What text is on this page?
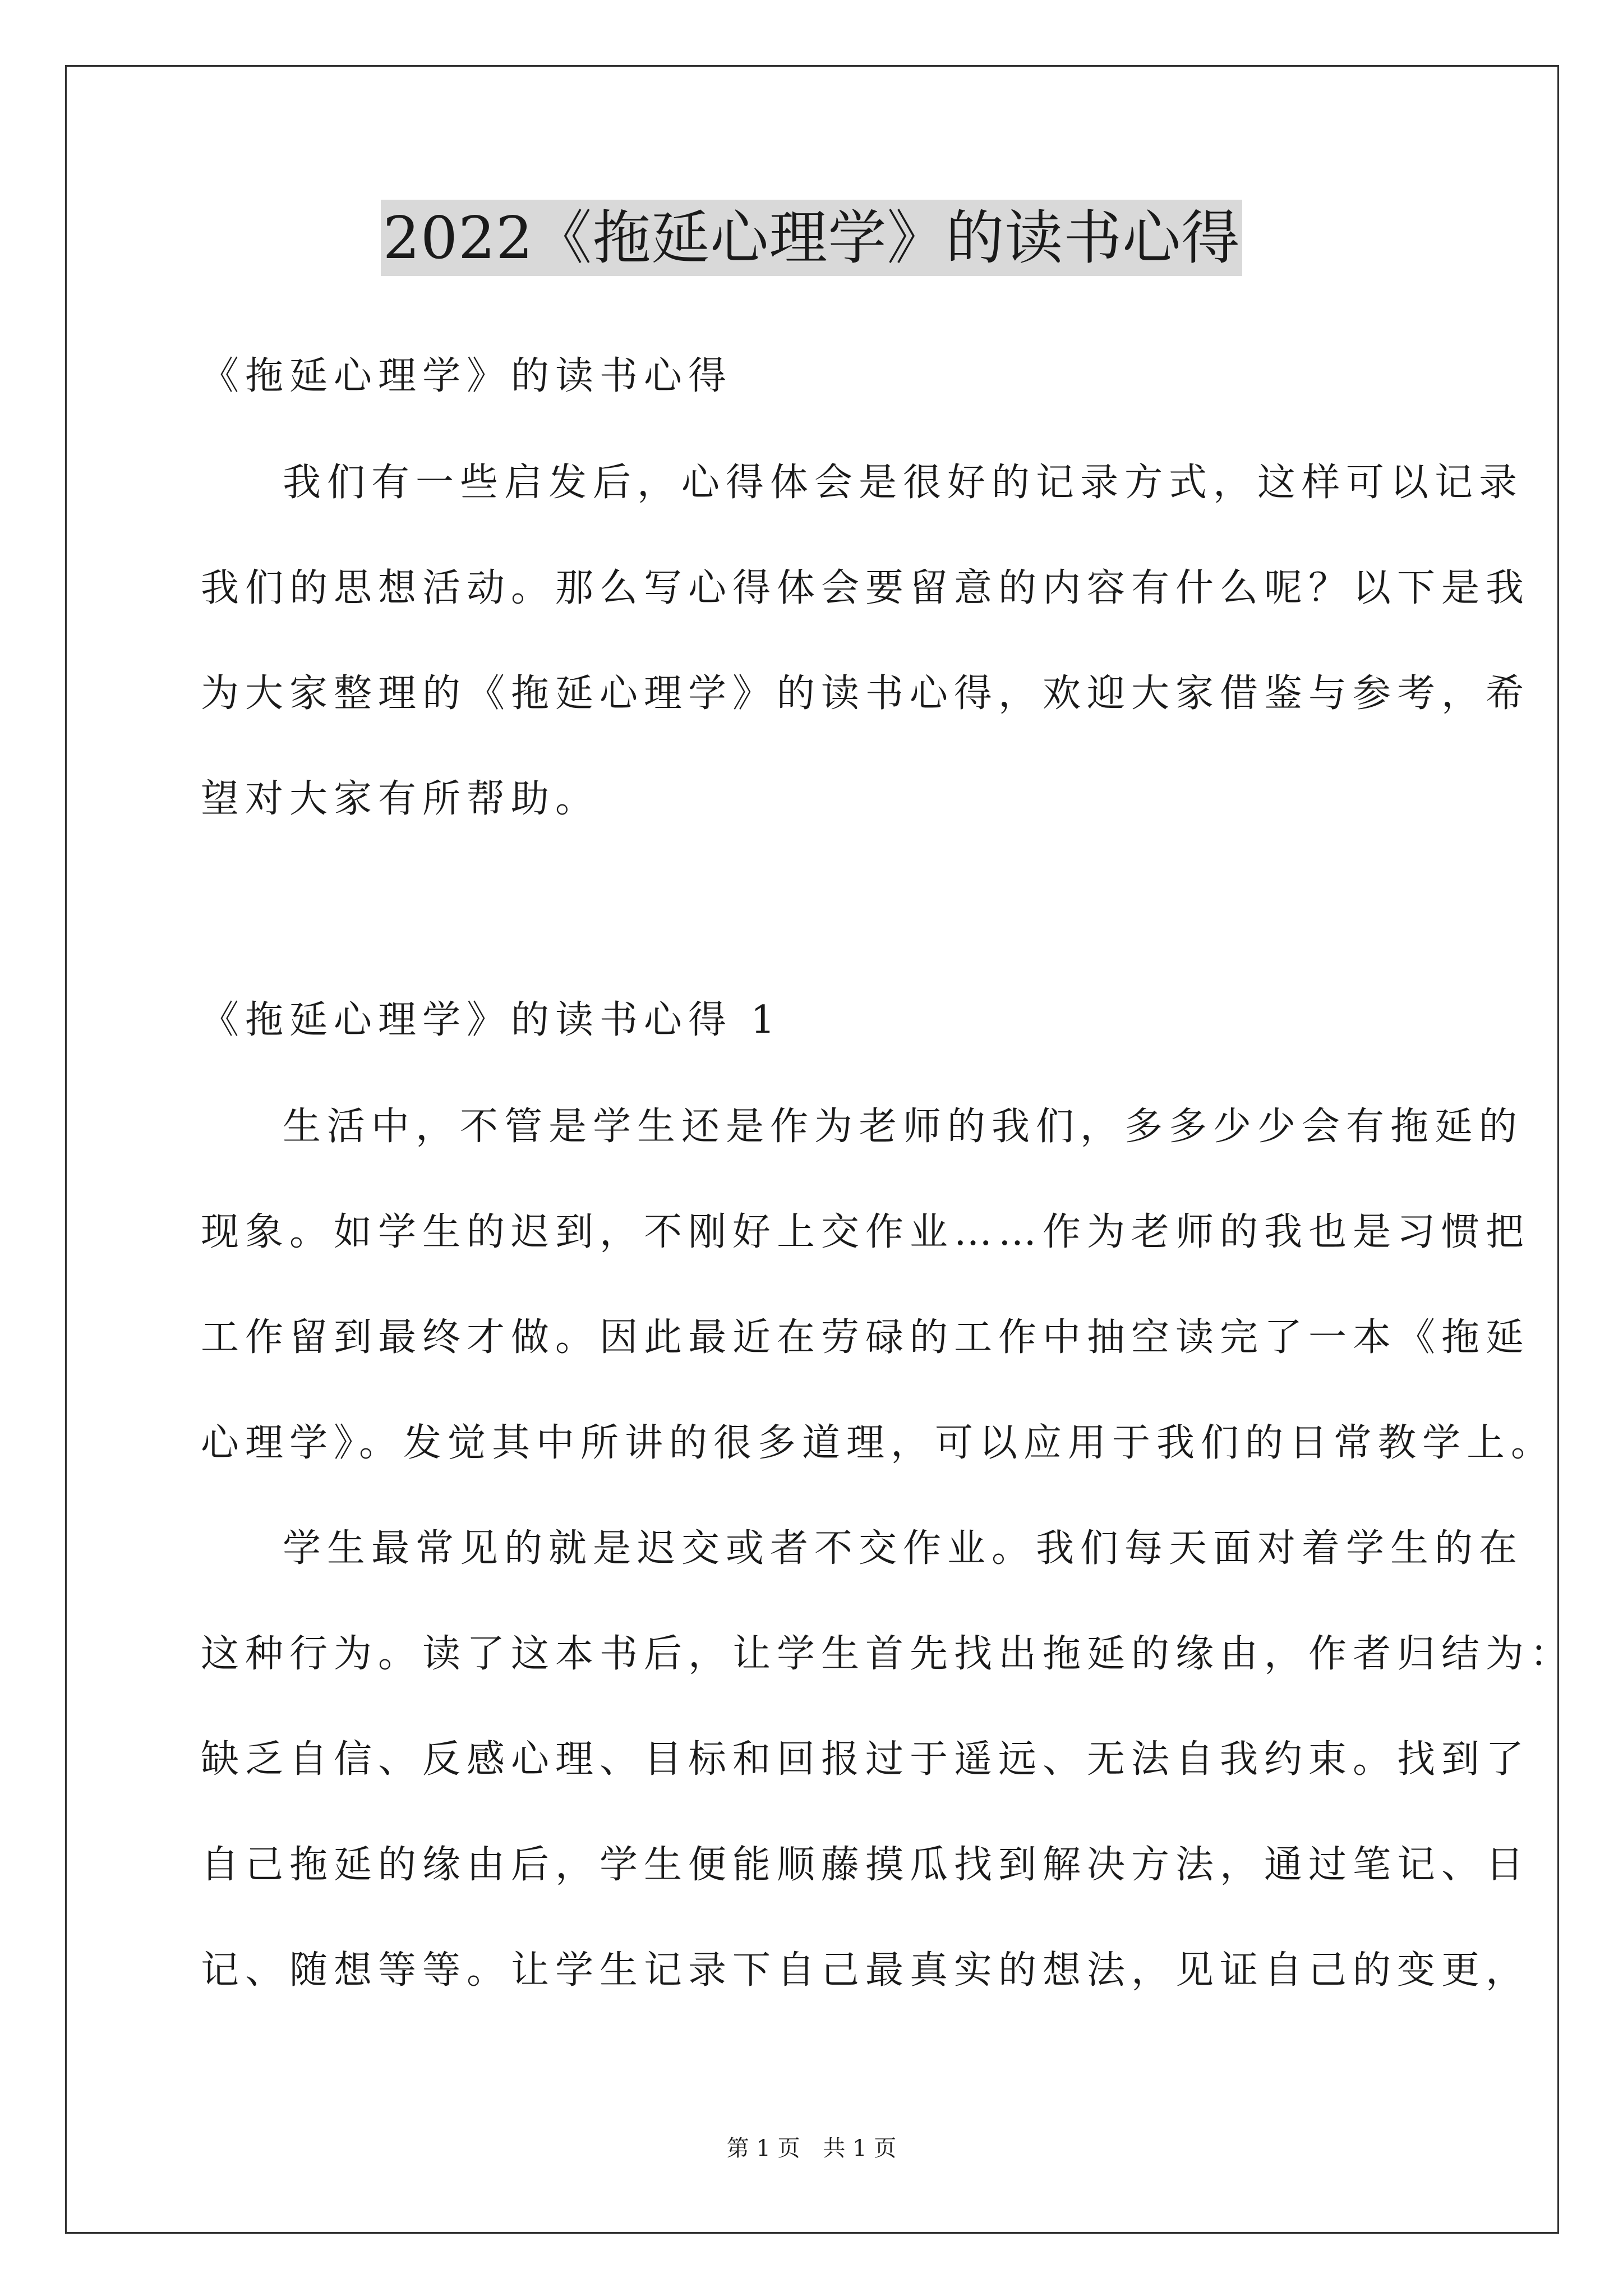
2022《拖延心理学》的读书心得
《拖延心理学》的读书心得
我们有一些启发后，心得体会是很好的记录方式，这样可以记录
我们的思想活动。那么写心得体会要留意的内容有什么呢？以下是我
为大家整理的《拖延心理学》的读书心得，欢迎大家借鉴与参考，希
望对大家有所帮助。
《拖延心理学》的读书心得 1
生活中，不管是学生还是作为老师的我们，多多少少会有拖延的
现象。如学生的迟到，不刚好上交作业……作为老师的我也是习惯把
工作留到最终才做。因此最近在劳碌的工作中抽空读完了一本《拖延
心理学》。发觉其中所讲的很多道理，可以应用于我们的日常教学上。
学生最常见的就是迟交或者不交作业。我们每天面对着学生的在
这种行为。读了这本书后，让学生首先找出拖延的缘由，作者归结为：
缺乏自信、反感心理、目标和回报过于遥远、无法自我约束。找到了
自己拖延的缘由后，学生便能顺藤摸瓜找到解决方法，通过笔记、日
记、随想等等。让学生记录下自己最真实的想法，见证自己的变更，
第 1 页 共 1 页
